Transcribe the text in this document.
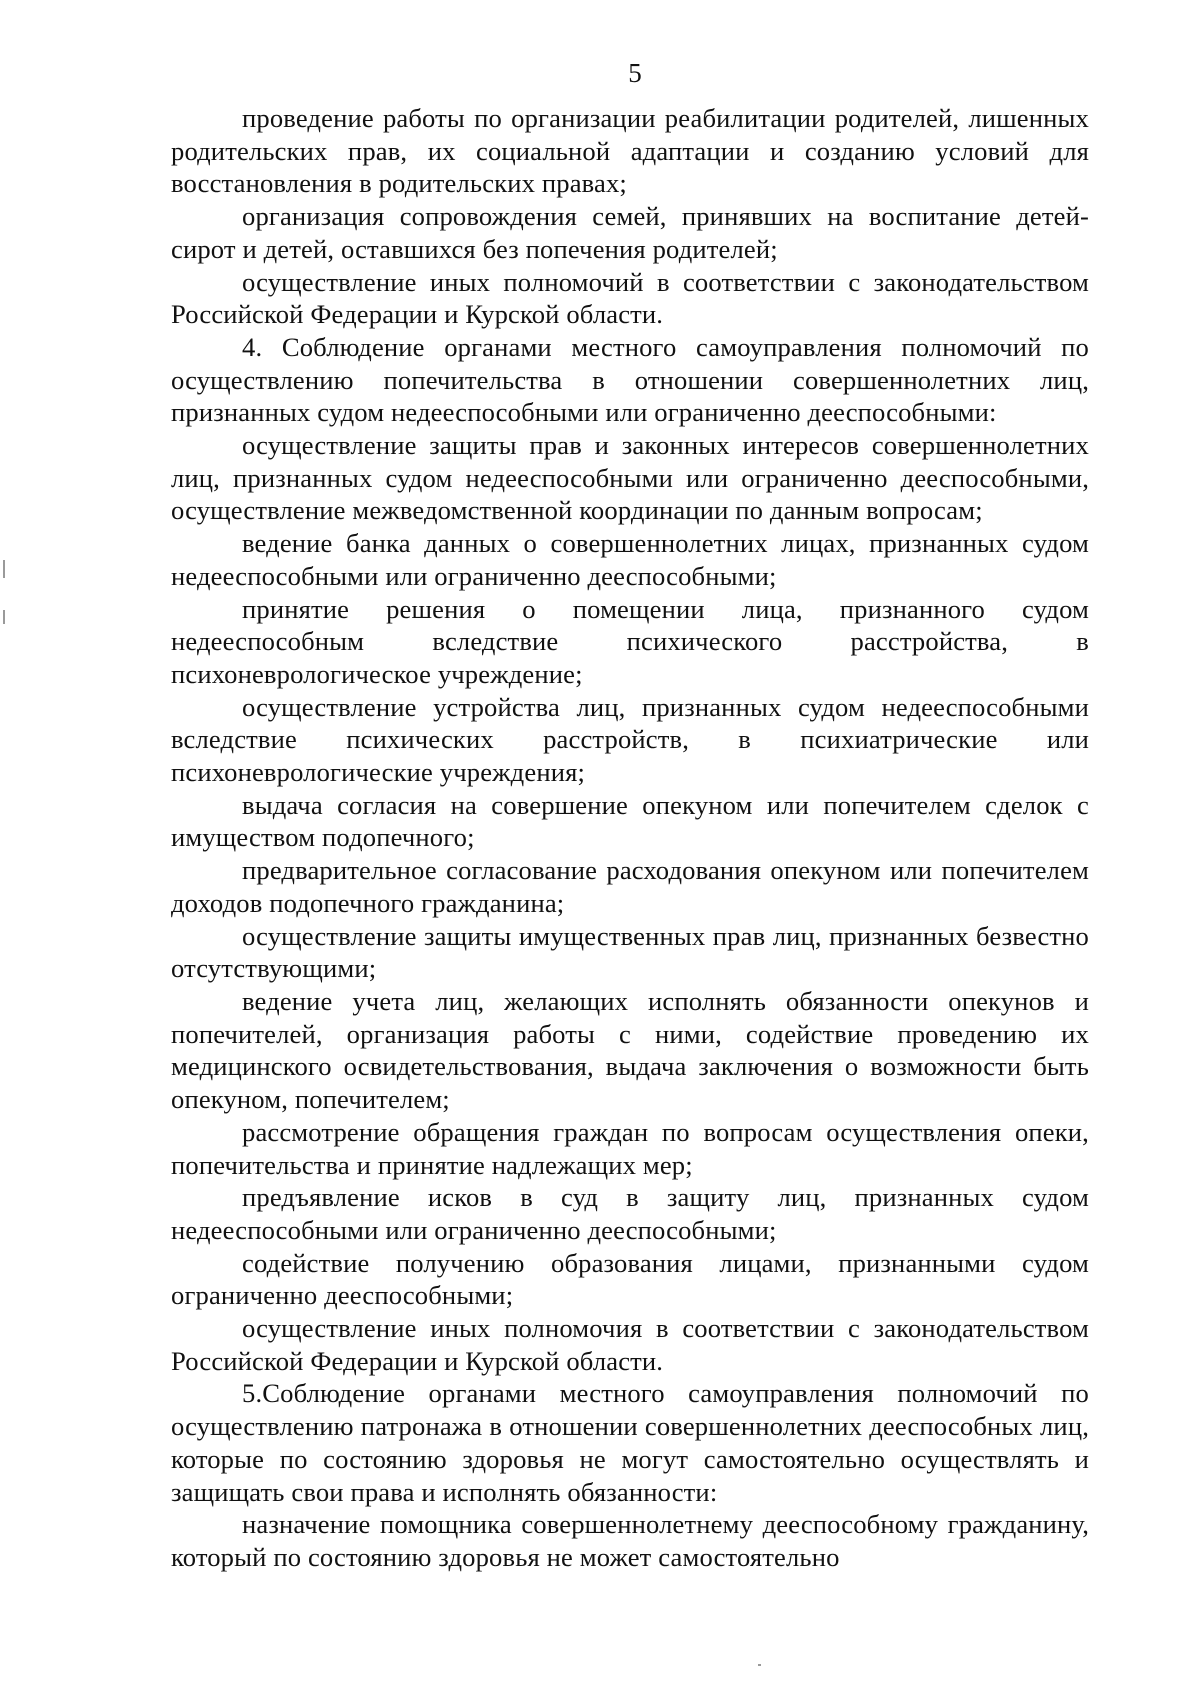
5

проведение работы по организации реабилитации родителей, лишенных родительских прав, их социальной адаптации и созданию условий для восстановления в родительских правах;

организация сопровождения семей, принявших на воспитание детей-сирот и детей, оставшихся без попечения родителей;

осуществление иных полномочий в соответствии с законодательством Российской Федерации и Курской области.

4. Соблюдение органами местного самоуправления полномочий по осуществлению попечительства в отношении совершеннолетних лиц, признанных судом недееспособными или ограниченно дееспособными:

осуществление защиты прав и законных интересов совершеннолетних лиц, признанных судом недееспособными или ограниченно дееспособными, осуществление межведомственной координации по данным вопросам;

ведение банка данных о совершеннолетних лицах, признанных судом недееспособными или ограниченно дееспособными;

принятие решения о помещении лица, признанного судом недееспособным вследствие психического расстройства, в психоневрологическое учреждение;

осуществление устройства лиц, признанных судом недееспособными вследствие психических расстройств, в психиатрические или психоневрологические учреждения;

выдача согласия на совершение опекуном или попечителем сделок с имуществом подопечного;

предварительное согласование расходования опекуном или попечителем доходов подопечного гражданина;

осуществление защиты имущественных прав лиц, признанных безвестно отсутствующими;

ведение учета лиц, желающих исполнять обязанности опекунов и попечителей, организация работы с ними, содействие проведению их медицинского освидетельствования, выдача заключения о возможности быть опекуном, попечителем;

рассмотрение обращения граждан по вопросам осуществления опеки, попечительства и принятие надлежащих мер;

предъявление исков в суд в защиту лиц, признанных судом недееспособными или ограниченно дееспособными;

содействие получению образования лицами, признанными судом ограниченно дееспособными;

осуществление иных полномочия в соответствии с законодательством Российской Федерации и Курской области.

5.Соблюдение органами местного самоуправления полномочий по осуществлению патронажа в отношении совершеннолетних дееспособных лиц, которые по состоянию здоровья не могут самостоятельно осуществлять и защищать свои права и исполнять обязанности:

назначение помощника совершеннолетнему дееспособному гражданину, который по состоянию здоровья не может самостоятельно
